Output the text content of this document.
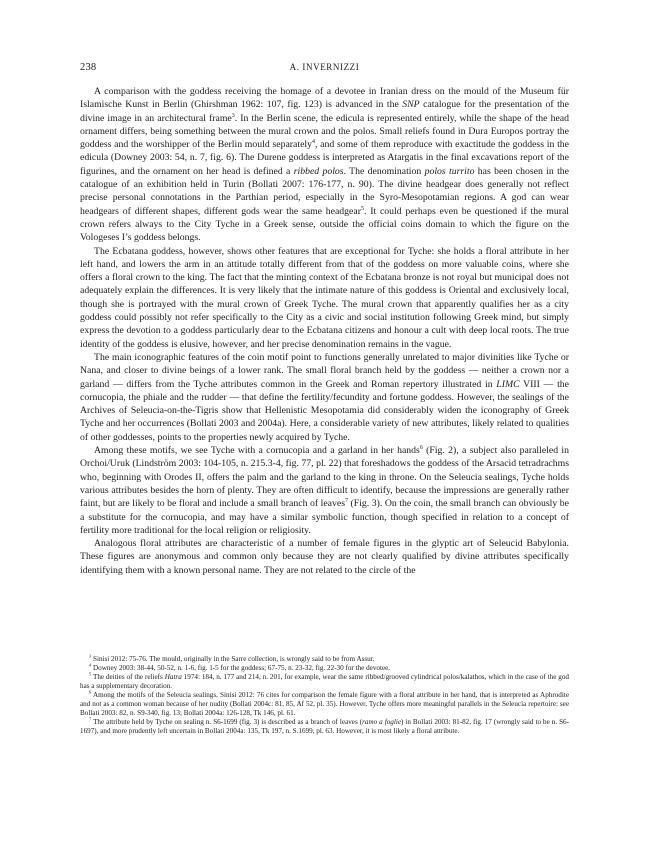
238	A. INVERNIZZI

A comparison with the goddess receiving the homage of a devotee in Iranian dress on the mould of the Museum für Islamische Kunst in Berlin (Ghirshman 1962: 107, fig. 123) is advanced in the SNP catalogue for the presentation of the divine image in an architectural frame$^3$. In the Berlin scene, the edicula is represented entirely, while the shape of the head ornament differs, being something between the mural crown and the polos. Small reliefs found in Dura Europos portray the goddess and the worshipper of the Berlin mould separately$^4$, and some of them reproduce with exactitude the goddess in the edicula (Downey 2003: 54, n. 7, fig. 6). The Durene goddess is interpreted as Atargatis in the final excavations report of the figurines, and the ornament on her head is defined a ribbed polos. The denomination polos turrito has been chosen in the catalogue of an exhibition held in Turin (Bollati 2007: 176-177, n. 90). The divine headgear does generally not reflect precise personal connotations in the Parthian period, especially in the Syro-Mesopotamian regions. A god can wear headgears of different shapes, different gods wear the same headgear$^5$. It could perhaps even be questioned if the mural crown refers always to the City Tyche in a Greek sense, outside the official coins domain to which the figure on the Vologeses I’s goddess belongs.

The Ecbatana goddess, however, shows other features that are exceptional for Tyche: she holds a floral attribute in her left hand, and lowers the arm in an attitude totally different from that of the goddess on more valuable coins, where she offers a floral crown to the king. The fact that the minting context of the Ecbatana bronze is not royal but municipal does not adequately explain the differences. It is very likely that the intimate nature of this goddess is Oriental and exclusively local, though she is portrayed with the mural crown of Greek Tyche. The mural crown that apparently qualifies her as a city goddess could possibly not refer specifically to the City as a civic and social institution following Greek mind, but simply express the devotion to a goddess particularly dear to the Ecbatana citizens and honour a cult with deep local roots. The true identity of the goddess is elusive, however, and her precise denomination remains in the vague.

The main iconographic features of the coin motif point to functions generally unrelated to major divinities like Tyche or Nana, and closer to divine beings of a lower rank. The small floral branch held by the goddess — neither a crown nor a garland — differs from the Tyche attributes common in the Greek and Roman repertory illustrated in LIMC VIII — the cornucopia, the phiale and the rudder — that define the fertility/fecundity and fortune goddess. However, the sealings of the Archives of Seleucia-on-the-Tigris show that Hellenistic Mesopotamia did considerably widen the iconography of Greek Tyche and her occurrences (Bollati 2003 and 2004a). Here, a considerable variety of new attributes, likely related to qualities of other goddesses, points to the properties newly acquired by Tyche.

Among these motifs, we see Tyche with a cornucopia and a garland in her hands$^6$ (Fig. 2), a subject also paralleled in Orchoi/Uruk (Lindström 2003: 104-105, n. 215.3-4, fig. 77, pl. 22) that foreshadows the goddess of the Arsacid tetradrachms who, beginning with Orodes II, offers the palm and the garland to the king in throne. On the Seleucia sealings, Tyche holds various attributes besides the horn of plenty. They are often difficult to identify, because the impressions are generally rather faint, but are likely to be floral and include a small branch of leaves$^7$ (Fig. 3). On the coin, the small branch can obviously be a substitute for the cornucopia, and may have a similar symbolic function, though specified in relation to a concept of fertility more traditional for the local religion or religiosity.

Analogous floral attributes are characteristic of a number of female figures in the glyptic art of Seleucid Babylonia. These figures are anonymous and common only because they are not clearly qualified by divine attributes specifically identifying them with a known personal name. They are not related to the circle of the

$^3$ Sinisi 2012: 75-76. The mould, originally in the Sarre collection, is wrongly said to be from Assur.

$^4$ Downey 2003: 38-44, 50-52, n. 1-6, fig. 1-5 for the goddess; 67-75, n. 23-32, fig. 22-30 for the devotee.

$^5$ The deities of the reliefs Hatra 1974: 184, n. 177 and 214, n. 201, for example, wear the same ribbed/grooved cylindrical polos/kalathos, which in the case of the god has a supplementary decoration.

$^6$ Among the motifs of the Seleucia sealings, Sinisi 2012: 76 cites for comparison the female figure with a floral attribute in her hand, that is interpreted as Aphrodite and not as a common woman because of her nudity (Bollati 2004c: 81, 85, Af 52, pl. 35). However, Tyche offers more meaningful parallels in the Seleucia repertoire: see Bollati 2003: 82, n. S9-340, fig. 13; Bollati 2004a: 126-128, Tk 146, pl. 61.

$^7$ The attribute held by Tyche on sealing n. S6-1699 (fig. 3) is described as a branch of leaves (ramo a foglie) in Bollati 2003: 81-82, fig. 17 (wrongly said to be n. S6-1697), and more prudently left uncertain in Bollati 2004a: 135, Tk 197, n. S.1699, pl. 63. However, it is most likely a floral attribute.
